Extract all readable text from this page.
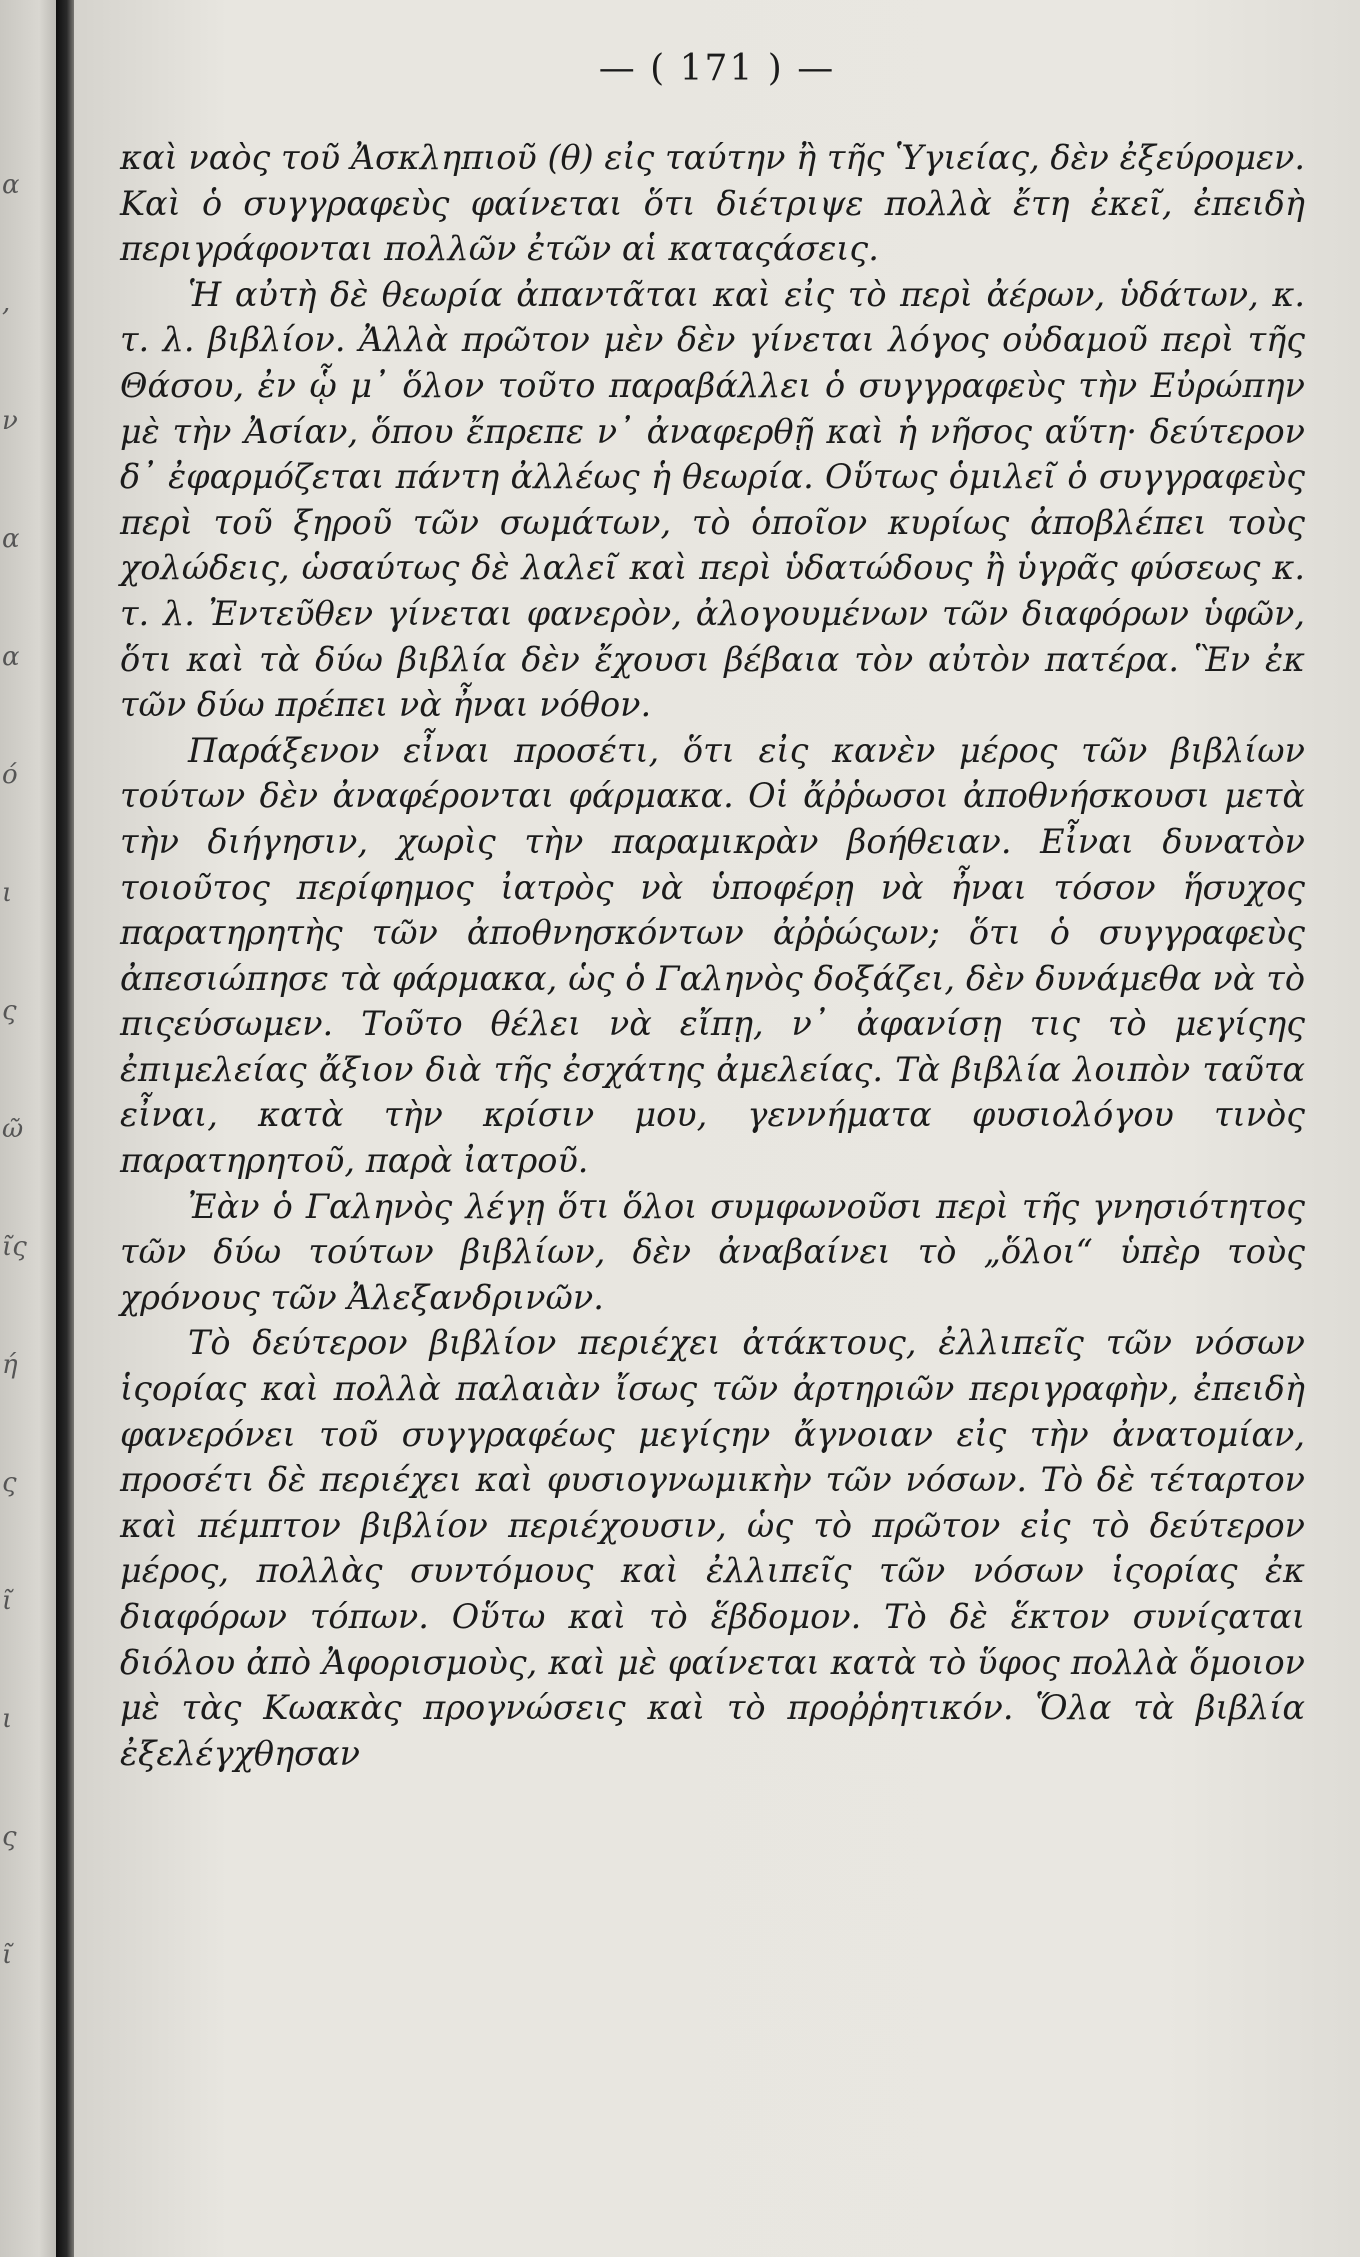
α
,
ν
α
α
ό
ι
ς
ῶ
ῖς
ή
ς
ῖ
ι
ς
ῖ
— ( 171 ) —

καὶ ναὸς τοῦ Ἀσκληπιοῦ (θ) εἰς ταύτην ἢ τῆς Ὑγιείας, δὲν ἐξεύρομεν. Καὶ ὁ συγγραφεὺς φαίνεται ὅτι διέτριψε πολλὰ ἔτη ἐκεῖ, ἐπειδὴ περιγράφονται πολλῶν ἐτῶν αἱ καταςάσεις.

Ἡ αὐτὴ δὲ θεωρία ἀπαντᾶται καὶ εἰς τὸ περὶ ἀέρων, ὑδάτων, κ. τ. λ. βιβλίον. Ἀλλὰ πρῶτον μὲν δὲν γίνεται λόγος οὐδαμοῦ περὶ τῆς Θάσου, ἐν ᾧ μ᾽ ὅλον τοῦτο παραβάλλει ὁ συγγραφεὺς τὴν Εὐρώπην μὲ τὴν Ἀσίαν, ὅπου ἔπρεπε ν᾽ ἀναφερθῇ καὶ ἡ νῆσος αὕτη· δεύτερον δ᾽ ἐφαρμόζεται πάντη ἀλλέως ἡ θεωρία. Οὕτως ὁμιλεῖ ὁ συγγραφεὺς περὶ τοῦ ξηροῦ τῶν σωμάτων, τὸ ὁποῖον κυρίως ἀποβλέπει τοὺς χολώδεις, ὡσαύτως δὲ λαλεῖ καὶ περὶ ὑδατώδους ἢ ὑγρᾶς φύσεως κ. τ. λ. Ἐντεῦθεν γίνεται φανερὸν, ἀλογουμένων τῶν διαφόρων ὑφῶν, ὅτι καὶ τὰ δύω βιβλία δὲν ἔχουσι βέβαια τὸν αὐτὸν πατέρα. Ἓν ἐκ τῶν δύω πρέπει νὰ ἦναι νόθον.

Παράξενον εἶναι προσέτι, ὅτι εἰς κανὲν μέρος τῶν βιβλίων τούτων δὲν ἀναφέρονται φάρμακα. Οἱ ἄῤῥωσοι ἀποθνήσκουσι μετὰ τὴν διήγησιν, χωρὶς τὴν παραμικρὰν βοήθειαν. Εἶναι δυνατὸν τοιοῦτος περίφημος ἰατρὸς νὰ ὑποφέρῃ νὰ ἦναι τόσον ἥσυχος παρατηρητὴς τῶν ἀποθνησκόντων ἀῤῥώςων; ὅτι ὁ συγγραφεὺς ἀπεσιώπησε τὰ φάρμακα, ὡς ὁ Γαληνὸς δοξάζει, δὲν δυνάμεθα νὰ τὸ πιςεύσωμεν. Τοῦτο θέλει νὰ εἴπῃ, ν᾽ ἀφανίσῃ τις τὸ μεγίςης ἐπιμελείας ἄξιον διὰ τῆς ἐσχάτης ἀμελείας. Τὰ βιβλία λοιπὸν ταῦτα εἶναι, κατὰ τὴν κρίσιν μου, γεννήματα φυσιολόγου τινὸς παρατηρητοῦ, παρὰ ἰατροῦ.

Ἐὰν ὁ Γαληνὸς λέγῃ ὅτι ὅλοι συμφωνοῦσι περὶ τῆς γνησιότητος τῶν δύω τούτων βιβλίων, δὲν ἀναβαίνει τὸ „ὅλοι“ ὑπὲρ τοὺς χρόνους τῶν Ἀλεξανδρινῶν.

Τὸ δεύτερον βιβλίον περιέχει ἀτάκτους, ἐλλιπεῖς τῶν νόσων ἱςορίας καὶ πολλὰ παλαιὰν ἴσως τῶν ἀρτηριῶν περιγραφὴν, ἐπειδὴ φανερόνει τοῦ συγγραφέως μεγίςην ἄγνοιαν εἰς τὴν ἀνατομίαν, προσέτι δὲ περιέχει καὶ φυσιογνωμικὴν τῶν νόσων. Τὸ δὲ τέταρτον καὶ πέμπτον βιβλίον περιέχουσιν, ὡς τὸ πρῶτον εἰς τὸ δεύτερον μέρος, πολλὰς συντόμους καὶ ἐλλιπεῖς τῶν νόσων ἱςορίας ἐκ διαφόρων τόπων. Οὕτω καὶ τὸ ἕβδομον. Τὸ δὲ ἕκτον συνίςαται διόλου ἀπὸ Ἀφορισμοὺς, καὶ μὲ φαίνεται κατὰ τὸ ὕφος πολλὰ ὅμοιον μὲ τὰς Κωακὰς προγνώσεις καὶ τὸ προῤῥητικόν. Ὅλα τὰ βιβλία ἐξελέγχθησαν
